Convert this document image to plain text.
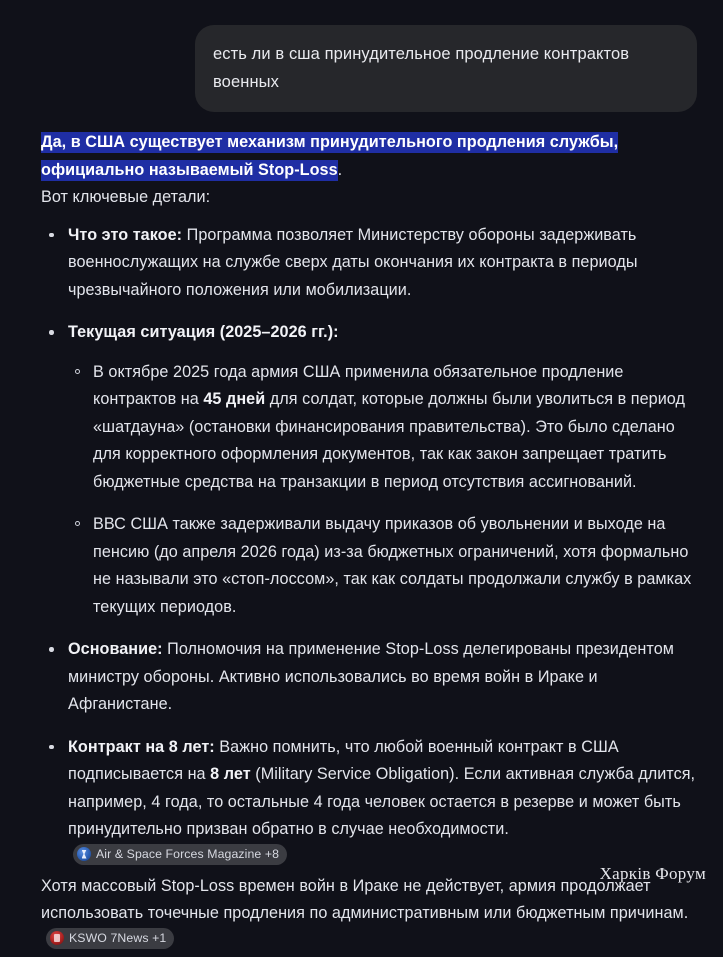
есть ли в сша принудительное продление контрактов военных

Да, в США существует механизм принудительного продления службы, официально называемый Stop-Loss.

Вот ключевые детали:

Что это такое: Программа позволяет Министерству обороны задерживать военнослужащих на службе сверх даты окончания их контракта в периоды чрезвычайного положения или мобилизации.
Текущая ситуация (2025–2026 гг.):
В октябре 2025 года армия США применила обязательное продление контрактов на 45 дней для солдат, которые должны были уволиться в период «шатдауна» (остановки финансирования правительства). Это было сделано для корректного оформления документов, так как закон запрещает тратить бюджетные средства на транзакции в период отсутствия ассигнований.
ВВС США также задерживали выдачу приказов об увольнении и выходе на пенсию (до апреля 2026 года) из-за бюджетных ограничений, хотя формально не называли это «стоп-лоссом», так как солдаты продолжали службу в рамках текущих периодов.
Основание: Полномочия на применение Stop-Loss делегированы президентом министру обороны. Активно использовались во время войн в Ираке и Афганистане.
Контракт на 8 лет: Важно помнить, что любой военный контракт в США подписывается на 8 лет (Military Service Obligation). Если активная служба длится, например, 4 года, то остальные 4 года человек остается в резерве и может быть принудительно призван обратно в случае необходимости.
Air & Space Forces Magazine +8

Хотя массовый Stop-Loss времен войн в Ираке не действует, армия продолжает использовать точечные продления по административным или бюджетным причинам.
KSWO 7News +1

Харків Форум
